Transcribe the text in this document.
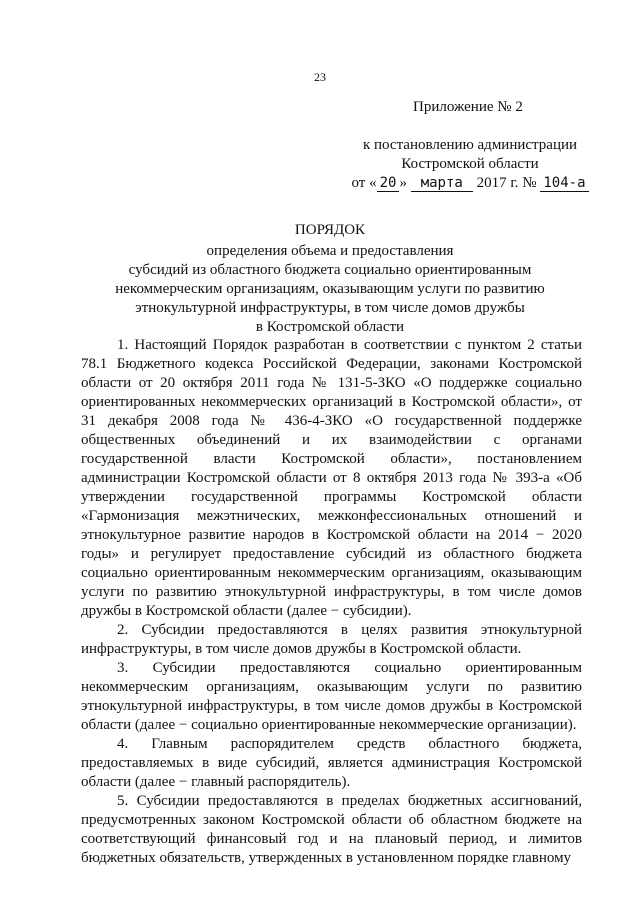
23
Приложение № 2
к постановлению администрации
Костромской области
от « 20 » марта 2017 г. № 104-а
ПОРЯДОК
определения объема и предоставления
субсидий из областного бюджета социально ориентированным
некоммерческим организациям, оказывающим услуги по развитию
этнокультурной инфраструктуры, в том числе домов дружбы
в Костромской области

1. Настоящий Порядок разработан в соответствии с пунктом 2 статьи 78.1 Бюджетного кодекса Российской Федерации, законами Костромской области от 20 октября 2011 года № 131-5-ЗКО «О поддержке социально ориентированных некоммерческих организаций в Костромской области», от 31 декабря 2008 года № 436-4-ЗКО «О государственной поддержке общественных объединений и их взаимодействии с органами государственной власти Костромской области», постановлением администрации Костромской области от 8 октября 2013 года № 393-а «Об утверждении государственной программы Костромской области «Гармонизация межэтнических, межконфессиональных отношений и этнокультурное развитие народов в Костромской области на 2014 − 2020 годы» и регулирует предоставление субсидий из областного бюджета социально ориентированным некоммерческим организациям, оказывающим услуги по развитию этнокультурной инфраструктуры, в том числе домов дружбы в Костромской области (далее − субсидии).

2. Субсидии предоставляются в целях развития этнокультурной инфраструктуры, в том числе домов дружбы в Костромской области.

3. Субсидии предоставляются социально ориентированным некоммерческим организациям, оказывающим услуги по развитию этнокультурной инфраструктуры, в том числе домов дружбы в Костромской области (далее − социально ориентированные некоммерческие организации).

4. Главным распорядителем средств областного бюджета, предоставляемых в виде субсидий, является администрация Костромской области (далее − главный распорядитель).

5. Субсидии предоставляются в пределах бюджетных ассигнований, предусмотренных законом Костромской области об областном бюджете на соответствующий финансовый год и на плановый период, и лимитов бюджетных обязательств, утвержденных в установленном порядке главному
